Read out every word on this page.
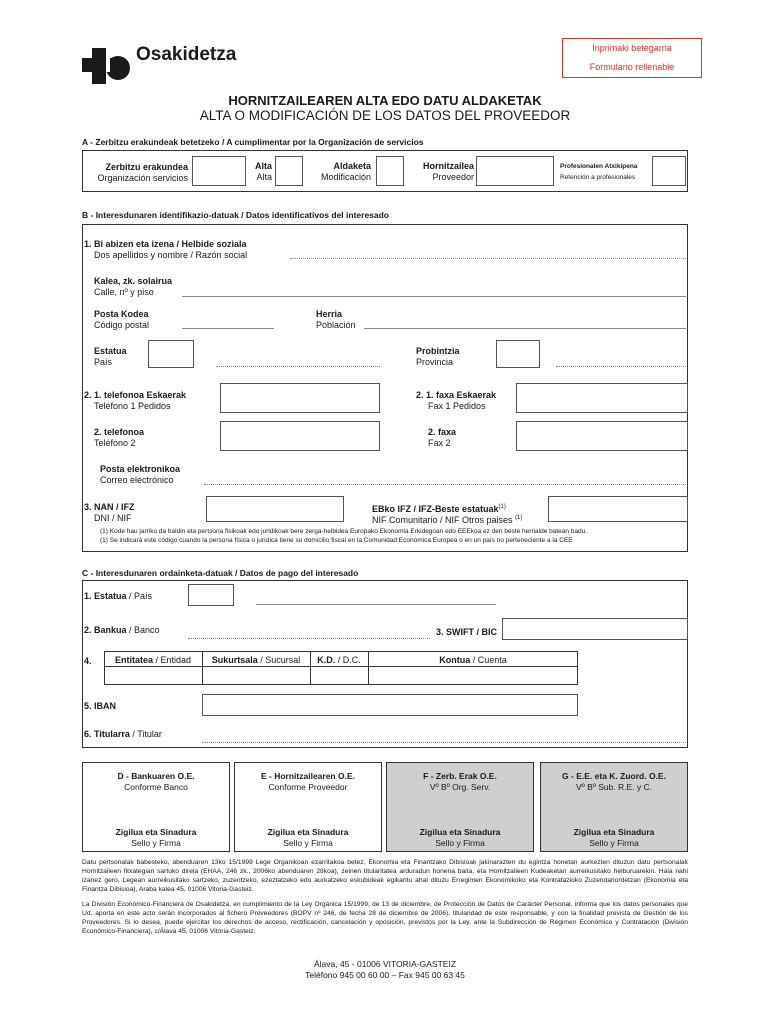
Osakidetza	Inprimaki betegarria
Formulario rellenable
HORNITZAILEAREN ALTA EDO DATU ALDAKETAK
ALTA O MODIFICACIÓN DE LOS DATOS DEL PROVEEDOR
A - Zerbitzu erakundeak betetzeko / A cumplimentar por la Organización de servicios
Zerbitzu erakundea
Organización servicios
Alta
Alta
Aldaketa
Modificación
Hornitzailea
Proveedor
Profesionalen Atxikipena
Retención a profesionales
B - Interesdunaren identifikazio-datuak / Datos identificativos del interesado
1. Bi abizen eta izena / Helbide soziala
Dos apellidos y nombre / Razón social
Kalea, zk. solairua
Calle, nº y piso
Posta Kodea
Código postal
Herria
Población
Estatua
País
Probintzia
Provincia
2. 1. telefonoa Eskaerak
Teléfono 1 Pedidos
2. 1. faxa Eskaerak
Fax 1 Pedidos
2. telefonoa
Teléfono 2
2. faxa
Fax 2
Posta elektronikoa
Correo electrónico
3. NAN / IFZ
DNI / NIF
EBko IFZ / IFZ-Beste estatuak$^{(1)}$
NIF Comunitario / NIF Otros paises $^{(1)}$
(1) Kode hau jarriko da baldin eta pertsona fisikoak edo juridikoak bere zerga-helbidea Europako Ekonomia Erkidegoan edo EEEkoa ez den beste herrialde batean badu.
(1) Se indicará este código cuando la persona física o jurídica tiene su domicilio fiscal en la Comunidad Económica Europea o en un país no perteneciente a la CEE
C - Interesdunaren ordainketa-datuak / Datos de pago del interesado
1. Estatua / País
2. Bankua / Banco	3. SWIFT / BIC
4.	Entitatea / Entidad	Sukurtsala / Sucursal	K.D. / D.C.	Kontua / Cuenta
5. IBAN
6. Titularra / Titular
D - Bankuaren O.E.
Conforme Banco
Zigilua eta Sinadura
Sello y Firma
E - Hornitzailearen O.E.
Conforme Proveedor
Zigilua eta Sinadura
Sello y Firma
F - Zerb. Erak O.E.
Vº Bº Org. Serv.
Zigilua eta Sinadura
Sello y Firma
G - E.E. eta K. Zuord. O.E.
Vº Bº Sub. R.E. y C.
Zigilua eta Sinadura
Sello y Firma
Datu pertsonalak babesteko, abenduaren 13ko 15/1999 Lege Organikoan ezarritakoa betez, Ekonomia eta Finantzako Dibisioak jakinarazten du egintza honetan aurkezten dituzun datu pertsonalak Hornitzaileen fitxategian sartuko direla (EHAA, 246 zk., 2006ko abenduaren 28koa), zeinen titularitatea arduradun honena baita, eta Hornitzaileen Kudeaketan aurreikusitako helburuarekin. Hala nahi izanez gero, Legean aurreikusitako sartzeko, zuzentzeko, ezeztatzeko edo aurkatzeko eskubideak egikaritu ahal dituzu Erregimen Ekonomikoko eta Kontratazioko Zuzendariordetzan (Ekonomia eta Finantza Dibisioa), Araba kalea 45, 01006 Vitoria-Gasteiz.
La División Económico-Financiera de Osakidetza, en cumplimiento de la Ley Orgánica 15/1999, de 13 de diciembre, de Protección de Datos de Carácter Personal, informa que los datos personales que Ud. aporta en este acto serán incorporados al fichero Proveedores (BOPV nº 246, de fecha 28 de diciembre de 2006), titularidad de este responsable, y con la finalidad prevista de Gestión de los Proveedores. Si lo desea, puede ejercitar los derechos de acceso, rectificación, cancelación y oposición, previstos por la Ley, ante la Subdirección de Régimen Económico y Contratación (División Económico-Financiera), c/Álava 45, 01006 Vitoria-Gasteiz.
Álava, 45 - 01006 VITORIA-GASTEIZ
Teléfono 945 00 60 00 – Fax 945 00 63 45
